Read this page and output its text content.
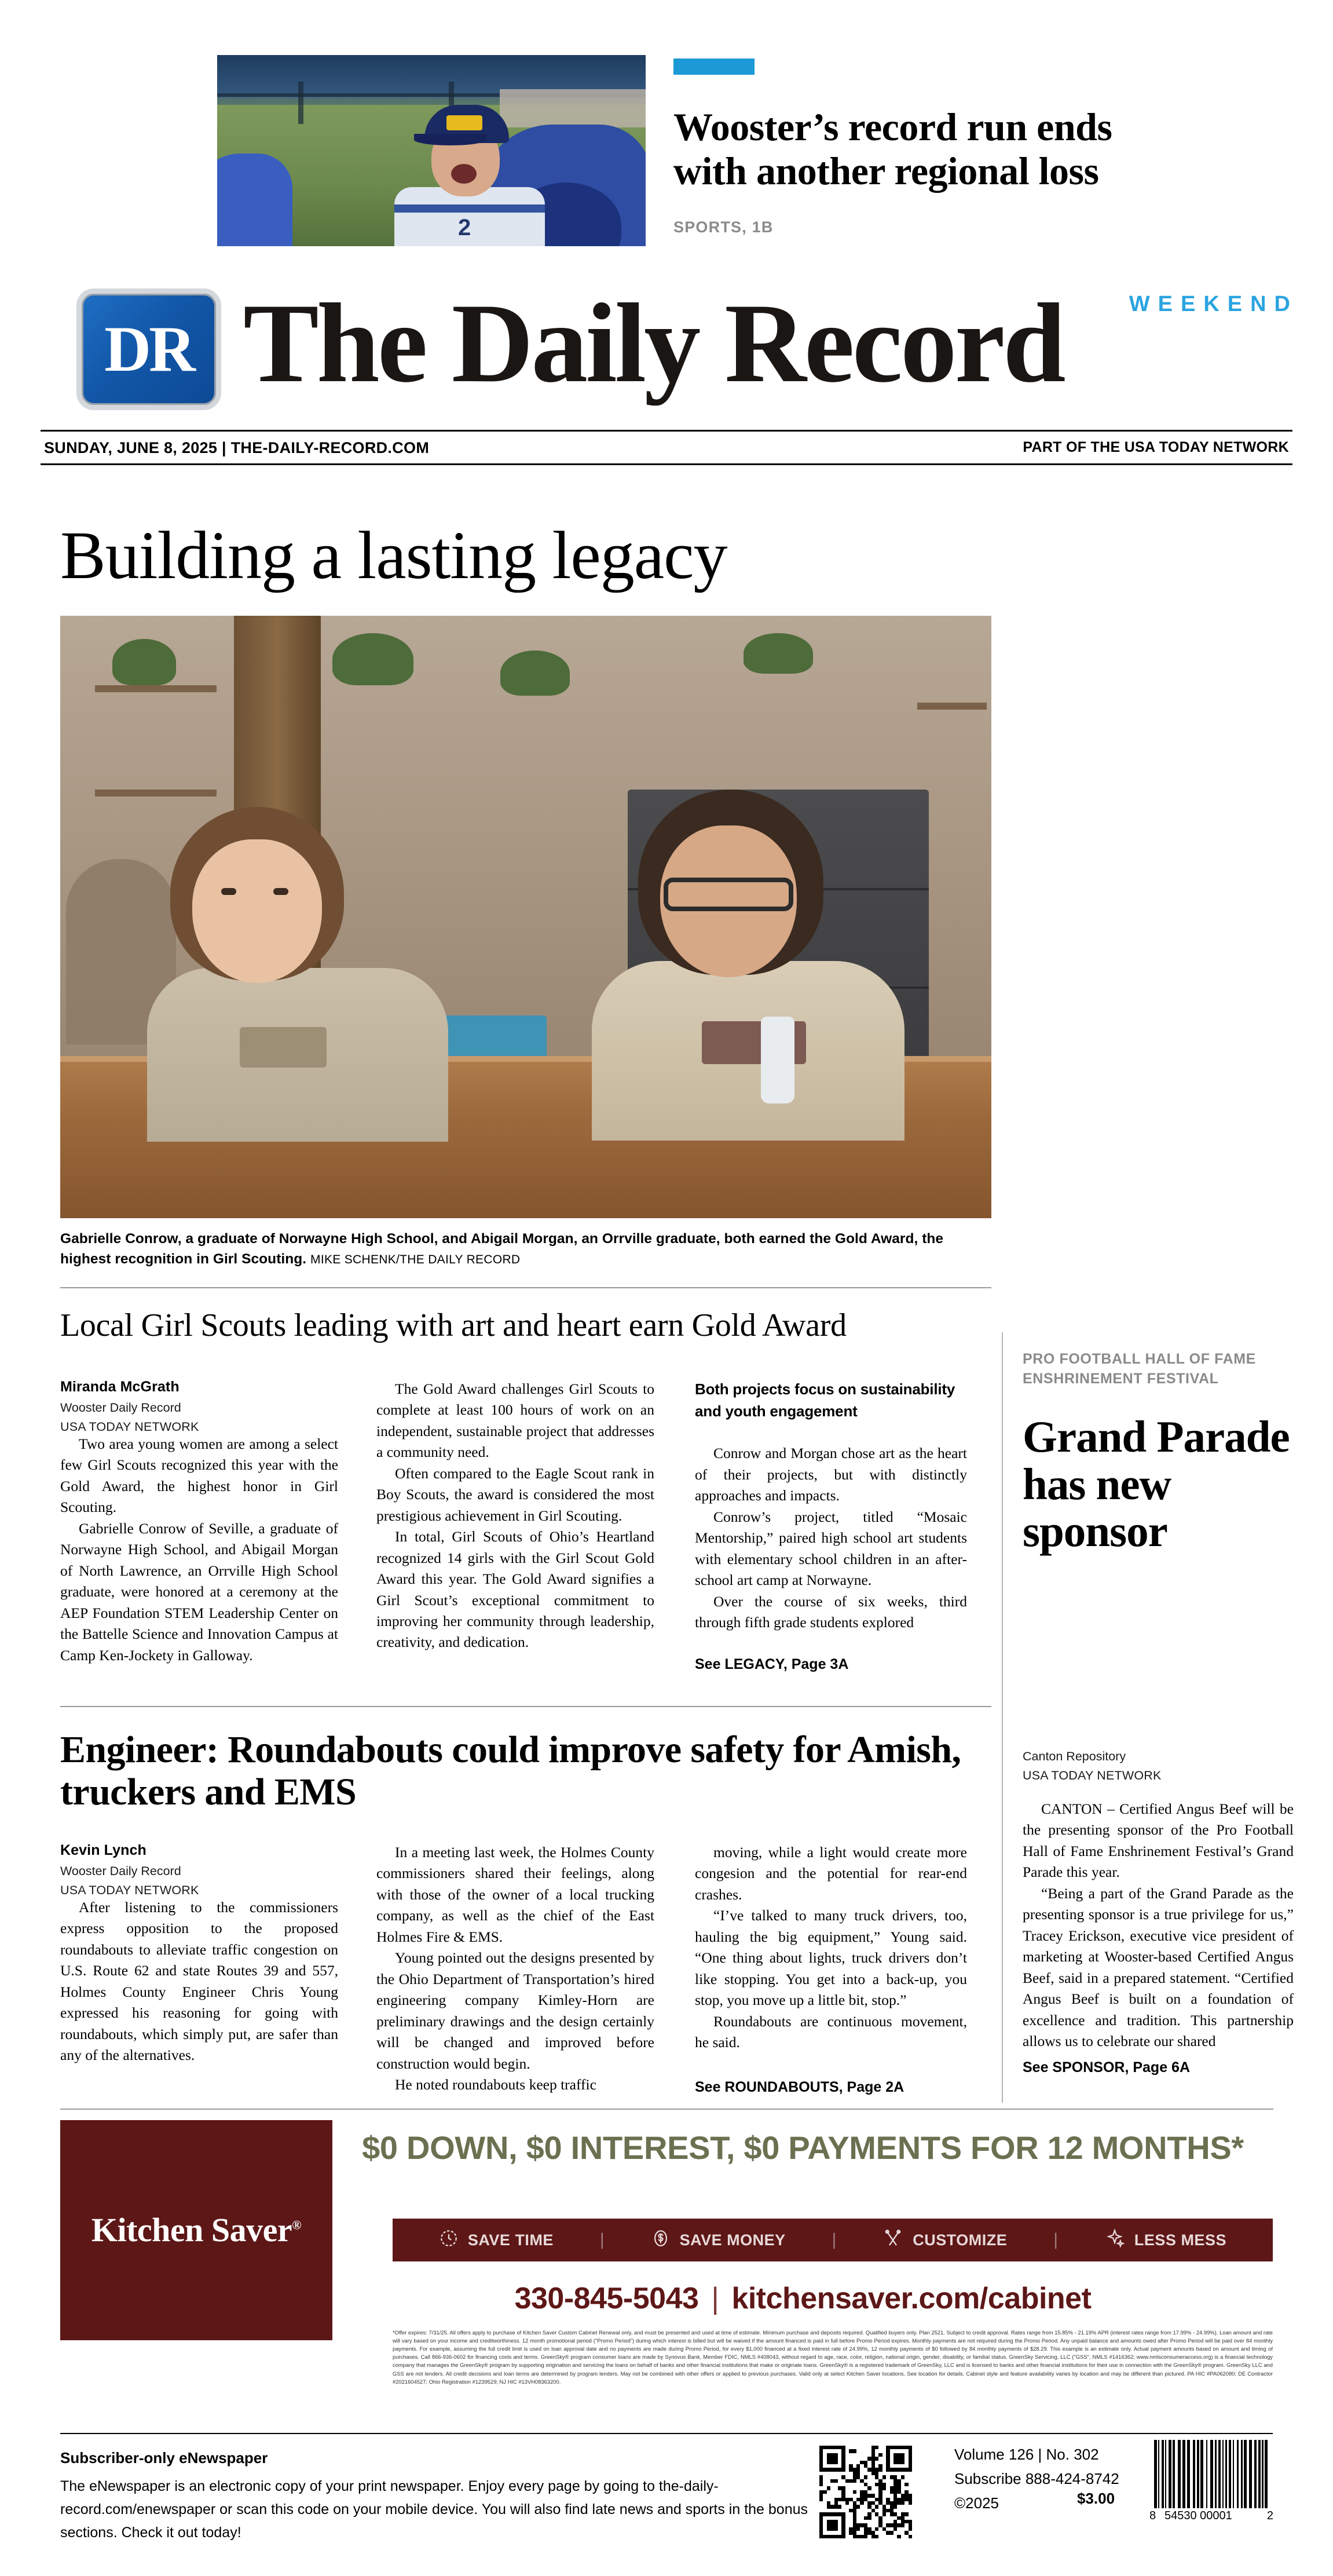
2
Wooster’s record run ends with another regional loss
SPORTS, 1B
DR The Daily Record	WEEKEND
SUNDAY, JUNE 8, 2025 | THE-DAILY-RECORD.COM	PART OF THE USA TODAY NETWORK
Building a lasting legacy
Gabrielle Conrow, a graduate of Norwayne High School, and Abigail Morgan, an Orrville graduate, both earned the Gold Award, the highest recognition in Girl Scouting. MIKE SCHENK/THE DAILY RECORD
Local Girl Scouts leading with art and heart earn Gold Award
Miranda McGrath
Wooster Daily Record
USA TODAY NETWORK

Two area young women are among a select few Girl Scouts recognized this year with the Gold Award, the highest honor in Girl Scouting.

Gabrielle Conrow of Seville, a graduate of Norwayne High School, and Abigail Morgan of North Lawrence, an Orrville High School graduate, were honored at a ceremony at the AEP Foundation STEM Leadership Center on the Battelle Science and Innovation Campus at Camp Ken-Jockety in Galloway.

The Gold Award challenges Girl Scouts to complete at least 100 hours of work on an independent, sustainable project that addresses a community need.

Often compared to the Eagle Scout rank in Boy Scouts, the award is considered the most prestigious achievement in Girl Scouting.

In total, Girl Scouts of Ohio’s Heartland recognized 14 girls with the Girl Scout Gold Award this year. The Gold Award signifies a Girl Scout’s exceptional commitment to improving her community through leadership, creativity, and dedication.

Both projects focus on sustainability and youth engagement

Conrow and Morgan chose art as the heart of their projects, but with distinctly approaches and impacts.

Conrow’s project, titled “Mosaic Mentorship,” paired high school art students with elementary school children in an after-school art camp at Norwayne.

Over the course of six weeks, third through fifth grade students explored

See LEGACY, Page 3A
PRO FOOTBALL HALL OF FAME ENSHRINEMENT FESTIVAL
Grand Parade has new sponsor
Canton Repository
USA TODAY NETWORK

CANTON – Certified Angus Beef will be the presenting sponsor of the Pro Football Hall of Fame Enshrinement Festival’s Grand Parade this year.

“Being a part of the Grand Parade as the presenting sponsor is a true privilege for us,” Tracey Erickson, executive vice president of marketing at Wooster-based Certified Angus Beef, said in a prepared statement. “Certified Angus Beef is built on a foundation of excellence and tradition. This partnership allows us to celebrate our shared

See SPONSOR, Page 6A
Engineer: Roundabouts could improve safety for Amish, truckers and EMS
Kevin Lynch
Wooster Daily Record
USA TODAY NETWORK

After listening to the commissioners express opposition to the proposed roundabouts to alleviate traffic congestion on U.S. Route 62 and state Routes 39 and 557, Holmes County Engineer Chris Young expressed his reasoning for going with roundabouts, which simply put, are safer than any of the alternatives.

In a meeting last week, the Holmes County commissioners shared their feelings, along with those of the owner of a local trucking company, as well as the chief of the East Holmes Fire & EMS.

Young pointed out the designs presented by the Ohio Department of Transportation’s hired engineering company Kimley-Horn are preliminary drawings and the design certainly will be changed and improved before construction would begin.

He noted roundabouts keep traffic

moving, while a light would create more congesion and the potential for rear-end crashes.

“I’ve talked to many truck drivers, too, hauling the big equipment,” Young said. “One thing about lights, truck drivers don’t like stopping. You get into a back-up, you stop, you move up a little bit, stop.”

Roundabouts are continuous movement, he said.

See ROUNDABOUTS, Page 2A
Kitchen Saver®
$0 DOWN, $0 INTEREST, $0 PAYMENTS FOR 12 MONTHS*
SAVE TIME	|	SAVE MONEY	|	CUSTOMIZE	|	LESS MESS
330-845-5043 | kitchensaver.com/cabinet
*Offer expires: 7/31/25. All offers apply to purchase of Kitchen Saver Custom Cabinet Renewal only, and must be presented and used at time of estimate. Minimum purchase and deposits required. Qualified buyers only. Plan 2521. Subject to credit approval. Rates range from 15.85% - 21.19% APR (interest rates range from 17.99% - 24.99%). Loan amount and rate will vary based on your income and creditworthiness. 12 month promotional period ("Promo Period") during which interest is billed but will be waived if the amount financed is paid in full before Promo Period expires. Monthly payments are not required during the Promo Period. Any unpaid balance and amounts owed after Promo Period will be paid over 84 monthly payments. For example, assuming the full credit limit is used on loan approval date and no payments are made during Promo Period, for every $1,000 financed at a fixed interest rate of 24.99%, 12 monthly payments of $0 followed by 84 monthly payments of $28.29. This example is an estimate only. Actual payment amounts based on amount and timing of purchases. Call 866-936-0602 for financing costs and terms. GreenSky® program consumer loans are made by Synovus Bank, Member FDIC, NMLS #408043, without regard to age, race, color, religion, national origin, gender, disability, or familial status. GreenSky Servicing, LLC ("GSS", NMLS #1416362; www.nmlsconsumeraccess.org) is a financial technology company that manages the GreenSky® program by supporting origination and servicing the loans on behalf of banks and other financial institutions that make or originate loans. GreenSky® is a registered trademark of GreenSky, LLC and is licensed to banks and other financial institutions for their use in connection with the GreenSky® program. GreenSky LLC and GSS are not lenders. All credit decisions and loan terms are determined by program lenders. May not be combined with other offers or applied to previous purchases. Valid only at select Kitchen Saver locations. See location for details. Cabinet style and feature availability varies by location and may be different than pictured. PA HIC #PA062080; DE Contractor #2021604527; Ohio Registration #1239529; NJ HIC #13VH08363200.
Subscriber-only eNewspaper
The eNewspaper is an electronic copy of your print newspaper. Enjoy every page by going to the-daily-record.com/enewspaper or scan this code on your mobile device. You will also find late news and sports in the bonus sections. Check it out today!
Volume 126 | No. 302
Subscribe 888-424-8742
©2025	$3.00
8 54530 00001	2
